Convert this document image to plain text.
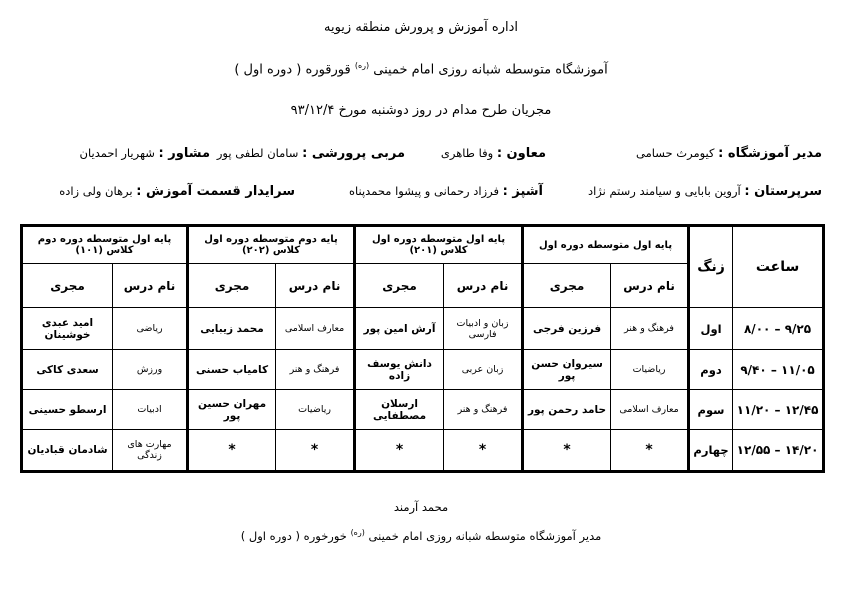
اداره آموزش و پرورش منطقه زیویه
آموزشگاه متوسطه شبانه روزی امام خمینی $^{(ره)}$ قورقوره ( دوره اول )
مجریان طرح مدام در روز دوشنبه مورخ ۹۳/۱۲/۴
مدیر آموزشگاه : کیومرث حسامی
معاون : وفا طاهری
مربی پرورشی : سامان لطفی پور
مشاور : شهریار احمدیان
سرپرستان : آروین بابایی و سیامند رستم نژاد
آشپز : فرزاد رحمانی و پیشوا محمدپناه
سرایدار قسمت آموزش : برهان ولی زاده
ساعت	زنگ	پایه اول متوسطه دوره اول		پایه اول متوسطه دوره اول کلاس (۲۰۱)		پایه دوم متوسطه دوره اول کلاس (۲۰۲)		پایه اول متوسطه دوره دوم کلاس (۱۰۱)	
		نام درس	مجری	نام درس	مجری	نام درس	مجری	نام درس	مجری
۸/۰۰ – ۹/۲۵	اول	فرهنگ و هنر	فرزین فرجی	زبان و ادبیات فارسی	آرش امین پور	معارف اسلامی	محمد زیبایی	ریاضی	امید عبدی خوشینان
۹/۴۰ – ۱۱/۰۵	دوم	ریاضیات	سیروان حسن پور	زبان عربی	دانش یوسف زاده	فرهنگ و هنر	کامیاب حسنی	ورزش	سعدی کاکی
۱۱/۲۰ – ۱۲/۴۵	سوم	معارف اسلامی	حامد رحمن پور	فرهنگ و هنر	ارسلان مصطفایی	ریاضیات	مهران حسین پور	ادبیات	ارسطو حسینی
۱۲/۵۵ – ۱۴/۲۰	چهارم	*	*	*	*	*	*	مهارت های زندگی	شادمان قبادیان
محمد آرمند
مدیر آموزشگاه متوسطه شبانه روزی امام خمینی $^{(ره)}$ خورخوره ( دوره اول )
